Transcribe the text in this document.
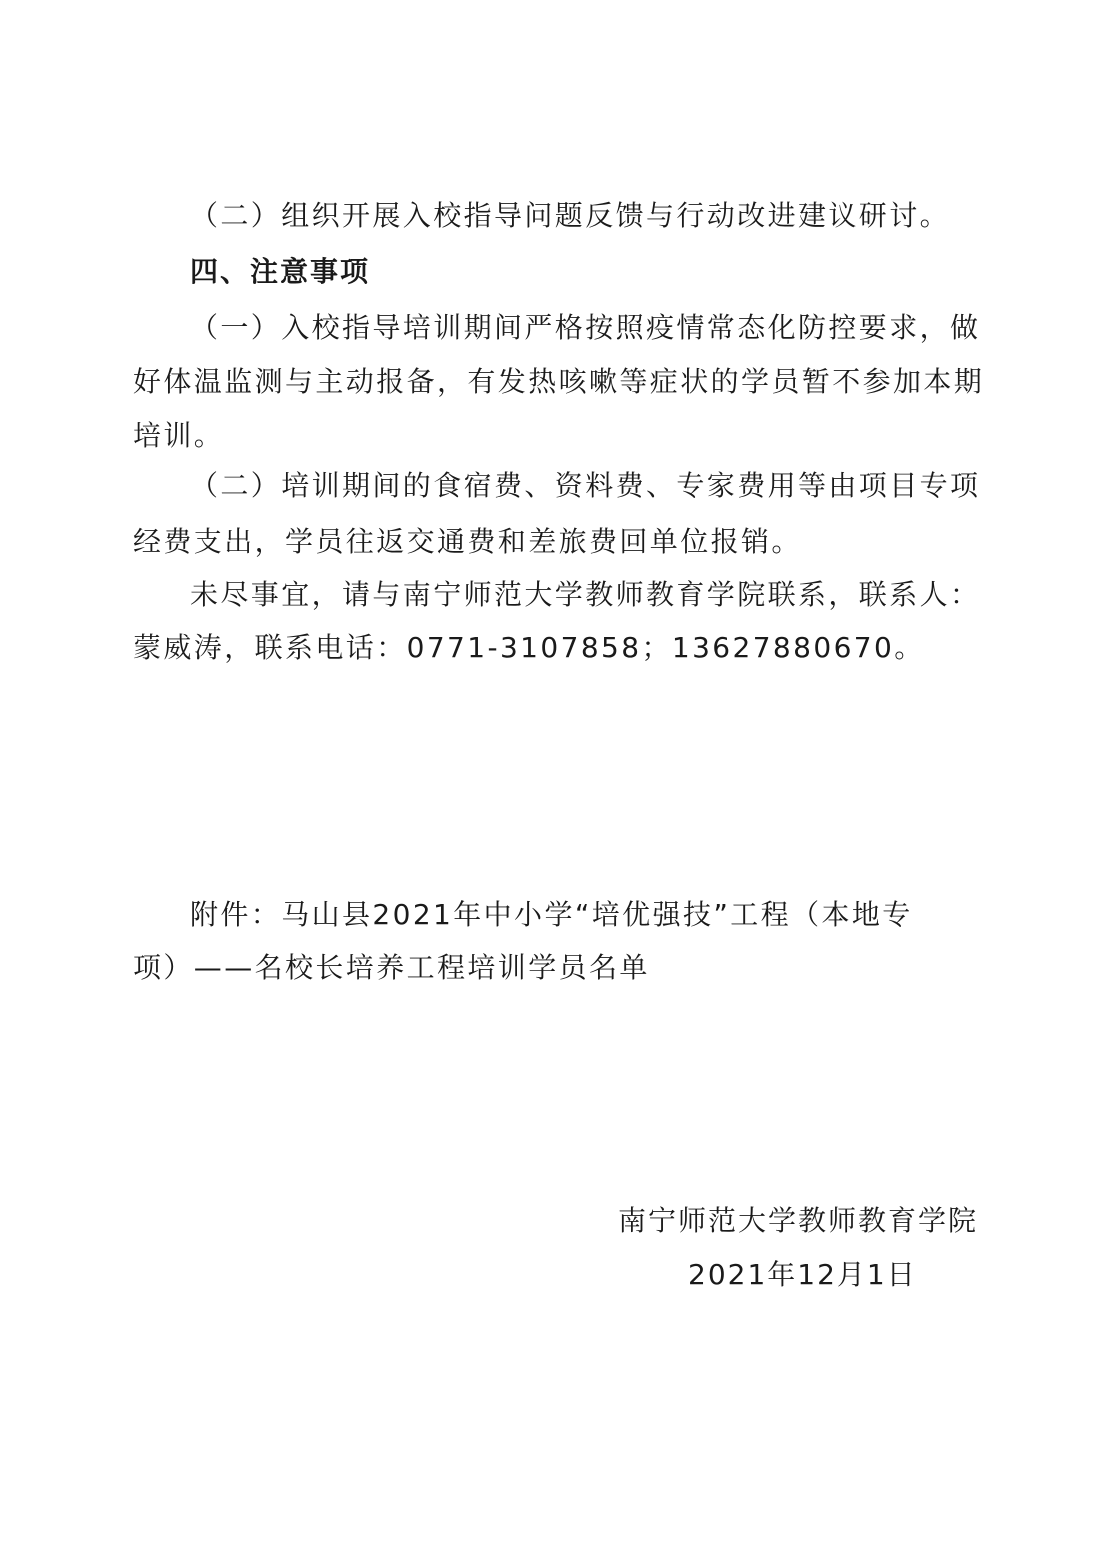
（二）组织开展入校指导问题反馈与行动改进建议研讨。
四、注意事项
（一）入校指导培训期间严格按照疫情常态化防控要求，做
好体温监测与主动报备，有发热咳嗽等症状的学员暂不参加本期
培训。
（二）培训期间的食宿费、资料费、专家费用等由项目专项
经费支出，学员往返交通费和差旅费回单位报销。
未尽事宜，请与南宁师范大学教师教育学院联系，联系人：
蒙威涛，联系电话：0771-3107858；13627880670。
附件：马山县2021年中小学“培优强技”工程（本地专
项）——名校长培养工程培训学员名单
南宁师范大学教师教育学院
2021年12月1日
